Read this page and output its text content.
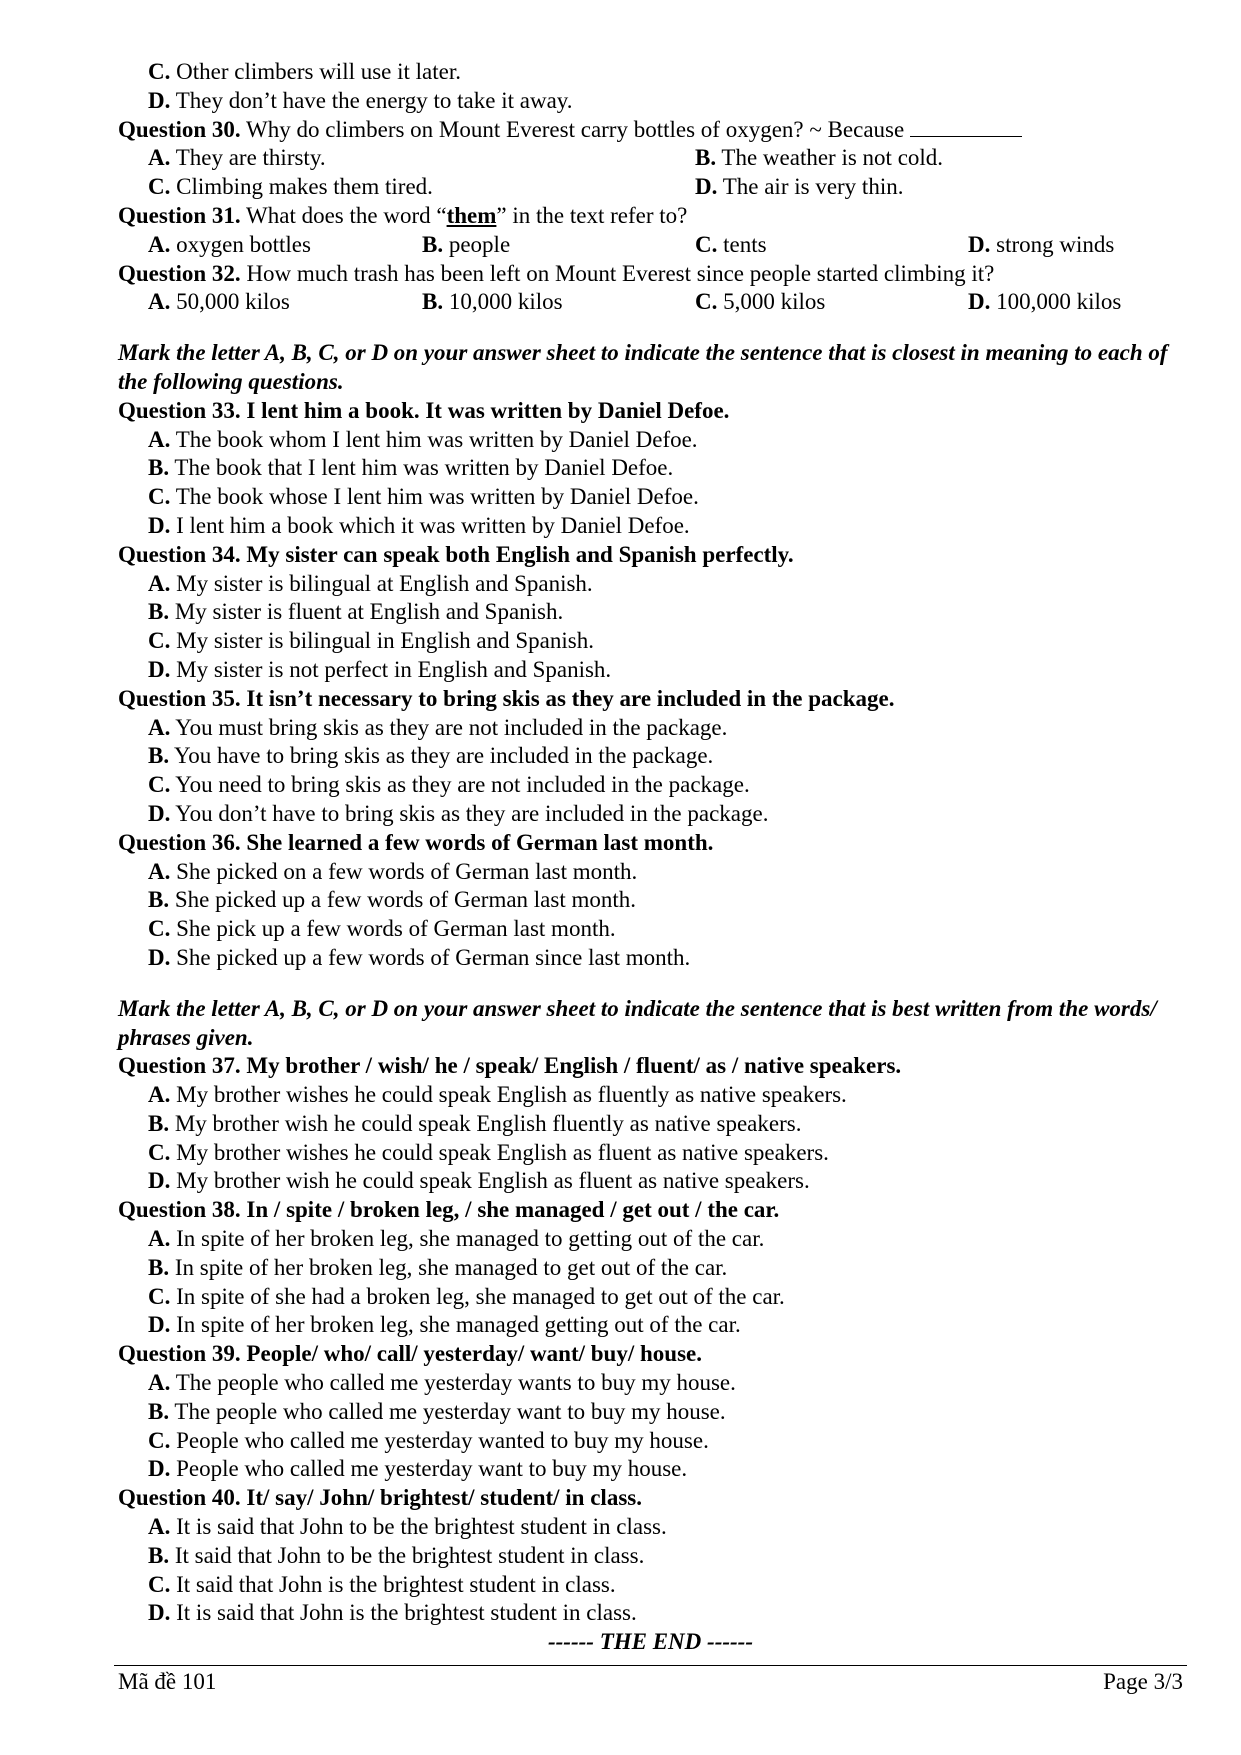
C. Other climbers will use it later.
D. They don’t have the energy to take it away.
Question 30. Why do climbers on Mount Everest carry bottles of oxygen? ~ Because
A. They are thirsty.	B. The weather is not cold.
C. Climbing makes them tired.	D. The air is very thin.
Question 31. What does the word “them” in the text refer to?
A. oxygen bottles	B. people	C. tents	D. strong winds
Question 32. How much trash has been left on Mount Everest since people started climbing it?
A. 50,000 kilos	B. 10,000 kilos	C. 5,000 kilos	D. 100,000 kilos
Mark the letter A, B, C, or D on your answer sheet to indicate the sentence that is closest in meaning to each of the following questions.
Question 33. I lent him a book. It was written by Daniel Defoe.
A. The book whom I lent him was written by Daniel Defoe.
B. The book that I lent him was written by Daniel Defoe.
C. The book whose I lent him was written by Daniel Defoe.
D. I lent him a book which it was written by Daniel Defoe.
Question 34. My sister can speak both English and Spanish perfectly.
A. My sister is bilingual at English and Spanish.
B. My sister is fluent at English and Spanish.
C. My sister is bilingual in English and Spanish.
D. My sister is not perfect in English and Spanish.
Question 35. It isn’t necessary to bring skis as they are included in the package.
A. You must bring skis as they are not included in the package.
B. You have to bring skis as they are included in the package.
C. You need to bring skis as they are not included in the package.
D. You don’t have to bring skis as they are included in the package.
Question 36. She learned a few words of German last month.
A. She picked on a few words of German last month.
B. She picked up a few words of German last month.
C. She pick up a few words of German last month.
D. She picked up a few words of German since last month.
Mark the letter A, B, C, or D on your answer sheet to indicate the sentence that is best written from the words/ phrases given.
Question 37. My brother / wish/ he / speak/ English / fluent/ as / native speakers.
A. My brother wishes he could speak English as fluently as native speakers.
B. My brother wish he could speak English fluently as native speakers.
C. My brother wishes he could speak English as fluent as native speakers.
D. My brother wish he could speak English as fluent as native speakers.
Question 38. In / spite / broken leg, / she managed / get out / the car.
A. In spite of her broken leg, she managed to getting out of the car.
B. In spite of her broken leg, she managed to get out of the car.
C. In spite of she had a broken leg, she managed to get out of the car.
D. In spite of her broken leg, she managed getting out of the car.
Question 39. People/ who/ call/ yesterday/ want/ buy/ house.
A. The people who called me yesterday wants to buy my house.
B. The people who called me yesterday want to buy my house.
C. People who called me yesterday wanted to buy my house.
D. People who called me yesterday want to buy my house.
Question 40. It/ say/ John/ brightest/ student/ in class.
A. It is said that John to be the brightest student in class.
B. It said that John to be the brightest student in class.
C. It said that John is the brightest student in class.
D. It is said that John is the brightest student in class.
------ THE END ------
Mã đề 101	Page 3/3
